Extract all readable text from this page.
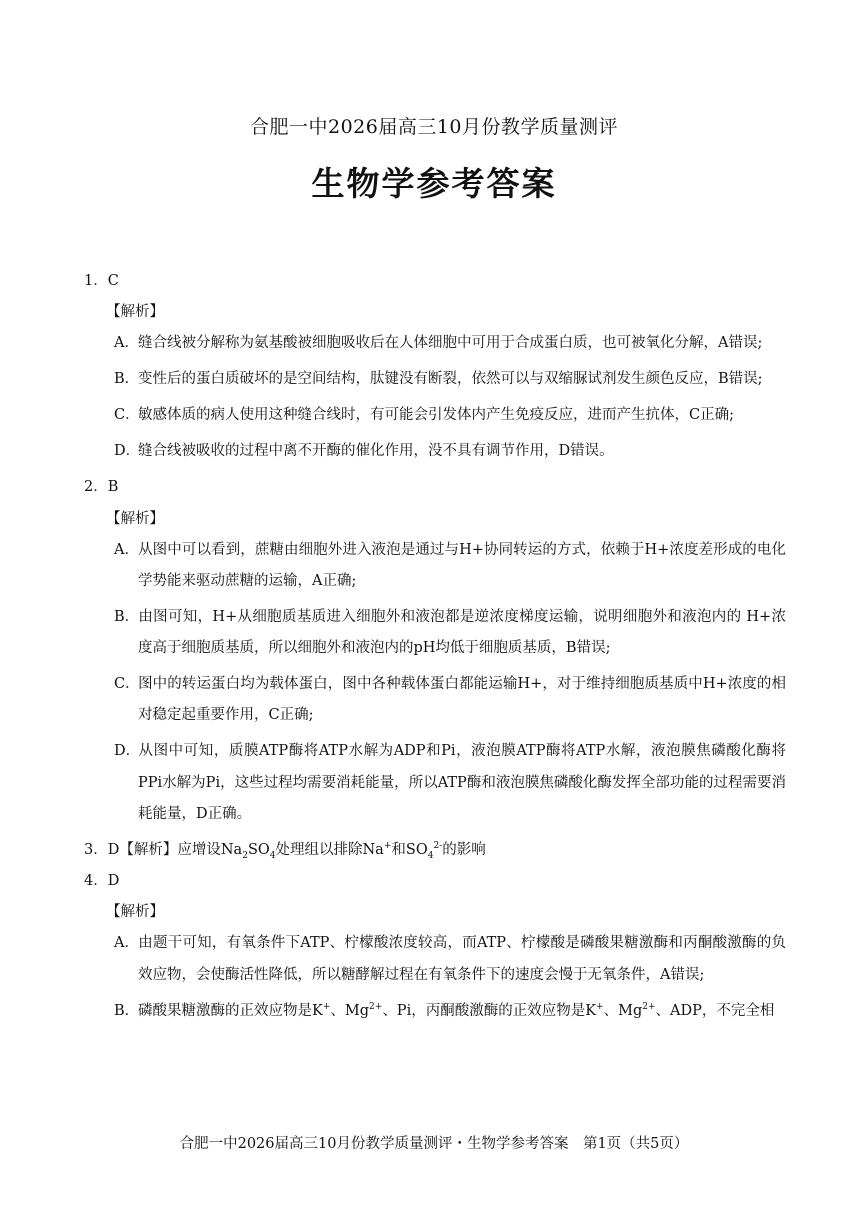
合肥一中2026届高三10月份教学质量测评
生物学参考答案

1．C

【解析】

A．缝合线被分解称为氨基酸被细胞吸收后在人体细胞中可用于合成蛋白质，也可被氧化分解，A错误;

B．变性后的蛋白质破坏的是空间结构，肽键没有断裂，依然可以与双缩脲试剂发生颜色反应，B错误;

C．敏感体质的病人使用这种缝合线时，有可能会引发体内产生免疫反应，进而产生抗体，C正确;

D．缝合线被吸收的过程中离不开酶的催化作用，没不具有调节作用，D错误。

2．B

【解析】

A．从图中可以看到，蔗糖由细胞外进入液泡是通过与H+协同转运的方式，依赖于H+浓度差形成的电化学势能来驱动蔗糖的运输，A正确;

B．由图可知，H+从细胞质基质进入细胞外和液泡都是逆浓度梯度运输，说明细胞外和液泡内的 H+浓度高于细胞质基质，所以细胞外和液泡内的pH均低于细胞质基质，B错误;

C．图中的转运蛋白均为载体蛋白，图中各种载体蛋白都能运输H+，对于维持细胞质基质中H+浓度的相对稳定起重要作用，C正确;

D．从图中可知，质膜ATP酶将ATP水解为ADP和Pi，液泡膜ATP酶将ATP水解，液泡膜焦磷酸化酶将PPi水解为Pi，这些过程均需要消耗能量，所以ATP酶和液泡膜焦磷酸化酶发挥全部功能的过程需要消耗能量，D正确。

3．D【解析】应增设$Na_2SO_4$处理组以排除Na+和$SO_4^{2-}$的影响

4．D

【解析】

A．由题干可知，有氧条件下ATP、柠檬酸浓度较高，而ATP、柠檬酸是磷酸果糖激酶和丙酮酸激酶的负效应物，会使酶活性降低，所以糖酵解过程在有氧条件下的速度会慢于无氧条件，A错误;

B．磷酸果糖激酶的正效应物是K+、$Mg^{2+}$、Pi，丙酮酸激酶的正效应物是K+、$Mg^{2+}$、ADP，不完全相

合肥一中2026届高三10月份教学质量测评・生物学参考答案　第1页（共5页）
